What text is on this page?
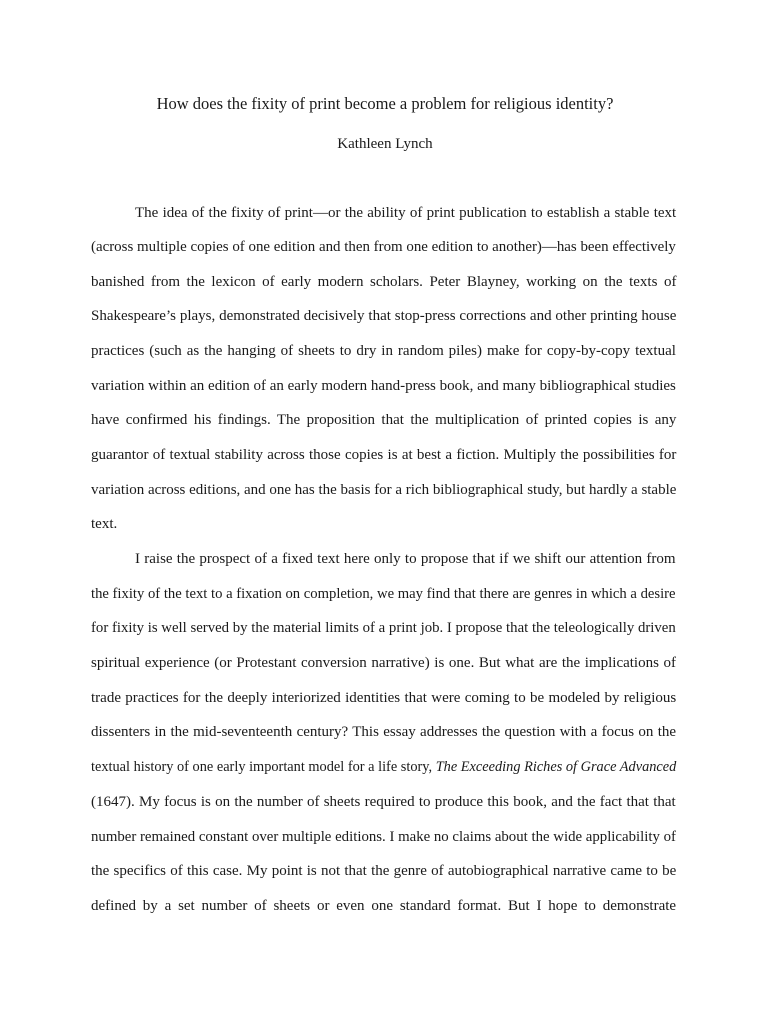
How does the fixity of print become a problem for religious identity?

Kathleen Lynch

The idea of the fixity of print—or the ability of print publication to establish a stable text

(across multiple copies of one edition and then from one edition to another)—has been effectively

banished from the lexicon of early modern scholars. Peter Blayney, working on the texts of

Shakespeare’s plays, demonstrated decisively that stop-press corrections and other printing house

practices (such as the hanging of sheets to dry in random piles) make for copy-by-copy textual

variation within an edition of an early modern hand-press book, and many bibliographical studies

have confirmed his findings. The proposition that the multiplication of printed copies is any

guarantor of textual stability across those copies is at best a fiction. Multiply the possibilities for

variation across editions, and one has the basis for a rich bibliographical study, but hardly a stable

text.

I raise the prospect of a fixed text here only to propose that if we shift our attention from

the fixity of the text to a fixation on completion, we may find that there are genres in which a desire

for fixity is well served by the material limits of a print job. I propose that the teleologically driven

spiritual experience (or Protestant conversion narrative) is one. But what are the implications of

trade practices for the deeply interiorized identities that were coming to be modeled by religious

dissenters in the mid-seventeenth century? This essay addresses the question with a focus on the

textual history of one early important model for a life story, The Exceeding Riches of Grace Advanced

(1647). My focus is on the number of sheets required to produce this book, and the fact that that

number remained constant over multiple editions. I make no claims about the wide applicability of

the specifics of this case. My point is not that the genre of autobiographical narrative came to be

defined by a set number of sheets or even one standard format. But I hope to demonstrate
